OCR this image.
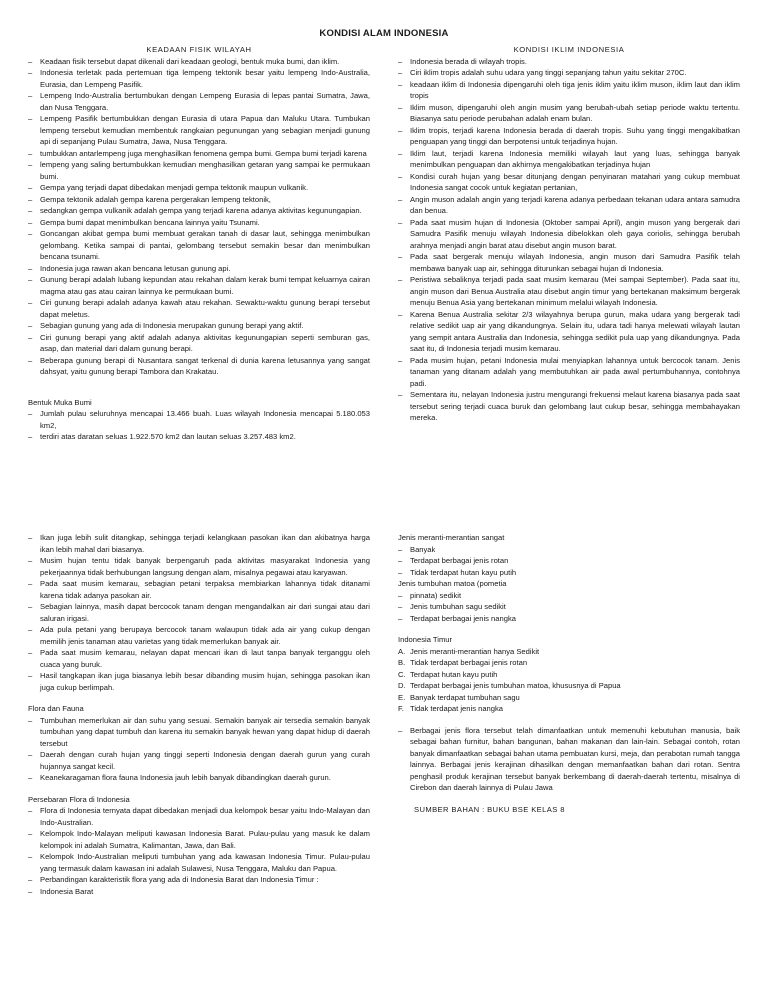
KONDISI ALAM INDONESIA
KEADAAN FISIK WILAYAH
– Keadaan fisik tersebut dapat dikenali dari keadaan geologi, bentuk muka bumi, dan iklim.
– Indonesia terletak pada pertemuan tiga lempeng tektonik besar yaitu lempeng Indo-Australia, Eurasia, dan Lempeng Pasifik.
– Lempeng Indo-Australia bertumbukan dengan Lempeng Eurasia di lepas pantai Sumatra, Jawa, dan Nusa Tenggara.
– Lempeng Pasifik bertumbukkan dengan Eurasia di utara Papua dan Maluku Utara. Tumbukan lempeng tersebut kemudian membentuk rangkaian pegunungan yang sebagian menjadi gunung api di sepanjang Pulau Sumatra, Jawa, Nusa Tenggara.
– tumbukkan antarlempeng juga menghasilkan fenomena gempa bumi. Gempa bumi terjadi karena
– lempeng yang saling bertumbukkan kemudian menghasilkan getaran yang sampai ke permukaan bumi.
– Gempa yang terjadi dapat dibedakan menjadi gempa tektonik maupun vulkanik.
– Gempa tektonik adalah gempa karena pergerakan lempeng tektonik,
– sedangkan gempa vulkanik adalah gempa yang terjadi karena adanya aktivitas kegunungapian.
– Gempa bumi dapat menimbulkan bencana lainnya yaitu Tsunami.
– Goncangan akibat gempa bumi membuat gerakan tanah di dasar laut, sehingga menimbulkan gelombang. Ketika sampai di pantai, gelombang tersebut semakin besar dan menimbulkan bencana tsunami.
– Indonesia juga rawan akan bencana letusan gunung api.
– Gunung berapi adalah lubang kepundan atau rekahan dalam kerak bumi tempat keluarnya cairan magma atau gas atau cairan lainnya ke permukaan bumi.
– Ciri gunung berapi adalah adanya kawah atau rekahan. Sewaktu-waktu gunung berapi tersebut dapat meletus.
– Sebagian gunung yang ada di Indonesia merupakan gunung berapi yang aktif.
– Ciri gunung berapi yang aktif adalah adanya aktivitas kegunungapian seperti semburan gas, asap, dan material dari dalam gunung berapi.
– Beberapa gunung berapi di Nusantara sangat terkenal di dunia karena letusannya yang sangat dahsyat, yaitu gunung berapi Tambora dan Krakatau.
Bentuk Muka Bumi
– Jumlah pulau seluruhnya mencapai 13.466 buah. Luas wilayah Indonesia mencapai 5.180.053 km2,
– terdiri atas daratan seluas 1.922.570 km2 dan lautan seluas 3.257.483 km2.
KONDISI IKLIM INDONESIA
– Indonesia berada di wilayah tropis.
– Ciri iklim tropis adalah suhu udara yang tinggi sepanjang tahun yaitu sekitar 270C.
– keadaan iklim di Indonesia dipengaruhi oleh tiga jenis iklim yaitu iklim muson, iklim laut dan iklim tropis
– Iklim muson, dipengaruhi oleh angin musim yang berubah-ubah setiap periode waktu tertentu. Biasanya satu periode perubahan adalah enam bulan.
– Iklim tropis, terjadi karena Indonesia berada di daerah tropis. Suhu yang tinggi mengakibatkan penguapan yang tinggi dan berpotensi untuk terjadinya hujan.
– Iklim laut, terjadi karena Indonesia memiliki wilayah laut yang luas, sehingga banyak menimbulkan penguapan dan akhirnya mengakibatkan terjadinya hujan
– Kondisi curah hujan yang besar ditunjang dengan penyinaran matahari yang cukup membuat Indonesia sangat cocok untuk kegiatan pertanian,
– Angin muson adalah angin yang terjadi karena adanya perbedaan tekanan udara antara samudra dan benua.
– Pada saat musim hujan di Indonesia (Oktober sampai April), angin muson yang bergerak dari Samudra Pasifik menuju wilayah Indonesia dibelokkan oleh gaya coriolis, sehingga berubah arahnya menjadi angin barat atau disebut angin muson barat.
– Pada saat bergerak menuju wilayah Indonesia, angin muson dari Samudra Pasifik telah membawa banyak uap air, sehingga diturunkan sebagai hujan di Indonesia.
– Peristiwa sebaliknya terjadi pada saat musim kemarau (Mei sampai September). Pada saat itu, angin muson dari Benua Australia atau disebut angin timur yang bertekanan maksimum bergerak menuju Benua Asia yang bertekanan minimum melalui wilayah Indonesia.
– Karena Benua Australia sekitar 2/3 wilayahnya berupa gurun, maka udara yang bergerak tadi relative sedikit uap air yang dikandungnya. Selain itu, udara tadi hanya melewati wilayah lautan yang sempit antara Australia dan Indonesia, sehingga sedikit pula uap yang dikandungnya. Pada saat itu, di Indonesia terjadi musim kemarau.
– Pada musim hujan, petani Indonesia mulai menyiapkan lahannya untuk bercocok tanam. Jenis tanaman yang ditanam adalah yang membutuhkan air pada awal pertumbuhannya, contohnya padi.
– Sementara itu, nelayan Indonesia justru mengurangi frekuensi melaut karena biasanya pada saat tersebut sering terjadi cuaca buruk dan gelombang laut cukup besar, sehingga membahayakan mereka.
– Ikan juga lebih sulit ditangkap, sehingga terjadi kelangkaan pasokan ikan dan akibatnya harga ikan lebih mahal dari biasanya.
– Musim hujan tentu tidak banyak berpengaruh pada aktivitas masyarakat Indonesia yang pekerjaannya tidak berhubungan langsung dengan alam, misalnya pegawai atau karyawan.
– Pada saat musim kemarau, sebagian petani terpaksa membiarkan lahannya tidak ditanami karena tidak adanya pasokan air.
– Sebagian lainnya, masih dapat bercocok tanam dengan mengandalkan air dari sungai atau dari saluran irigasi.
– Ada pula petani yang berupaya bercocok tanam walaupun tidak ada air yang cukup dengan memilih jenis tanaman atau varietas yang tidak memerlukan banyak air.
– Pada saat musim kemarau, nelayan dapat mencari ikan di laut tanpa banyak terganggu oleh cuaca yang buruk.
– Hasil tangkapan ikan juga biasanya lebih besar dibanding musim hujan, sehingga pasokan ikan juga cukup berlimpah.
Flora dan Fauna
– Tumbuhan memerlukan air dan suhu yang sesuai. Semakin banyak air tersedia semakin banyak tumbuhan yang dapat tumbuh dan karena itu semakin banyak hewan yang dapat hidup di daerah tersebut
– Daerah dengan curah hujan yang tinggi seperti Indonesia dengan daerah gurun yang curah hujannya sangat kecil.
– Keanekaragaman flora fauna Indonesia jauh lebih banyak dibandingkan daerah gurun.
Persebaran Flora di Indonesia
– Flora di Indonesia ternyata dapat dibedakan menjadi dua kelompok besar yaitu Indo-Malayan dan Indo-Australian.
– Kelompok Indo-Malayan meliputi kawasan Indonesia Barat. Pulau-pulau yang masuk ke dalam kelompok ini adalah Sumatra, Kalimantan, Jawa, dan Bali.
– Kelompok Indo-Australian meliputi tumbuhan yang ada kawasan Indonesia Timur. Pulau-pulau yang termasuk dalam kawasan ini adalah Sulawesi, Nusa Tenggara, Maluku dan Papua.
– Perbandingan karakteristik flora yang ada di Indonesia Barat dan Indonesia Timur :
– Indonesia Barat
Jenis meranti-merantian sangat
– Banyak
– Terdapat berbagai jenis rotan
– Tidak terdapat hutan kayu putih
Jenis tumbuhan matoa (pometia
– pinnata) sedikit
– Jenis tumbuhan sagu sedikit
– Terdapat berbagai jenis nangka
Indonesia Timur
A. Jenis meranti-merantian hanya Sedikit
B. Tidak terdapat berbagai jenis rotan
C. Terdapat hutan kayu putih
D. Terdapat berbagai jenis tumbuhan matoa, khususnya di Papua
E. Banyak terdapat tumbuhan sagu
F. Tidak terdapat jenis nangka
– Berbagai jenis flora tersebut telah dimanfaatkan untuk memenuhi kebutuhan manusia, baik sebagai bahan furnitur, bahan bangunan, bahan makanan dan lain-lain. Sebagai contoh, rotan banyak dimanfaatkan sebagai bahan utama pembuatan kursi, meja, dan perabotan rumah tangga lainnya. Berbagai jenis kerajinan dihasilkan dengan memanfaatkan bahan dari rotan. Sentra penghasil produk kerajinan tersebut banyak berkembang di daerah-daerah tertentu, misalnya di Cirebon dan daerah lainnya di Pulau Jawa
SUMBER BAHAN : BUKU BSE KELAS 8
